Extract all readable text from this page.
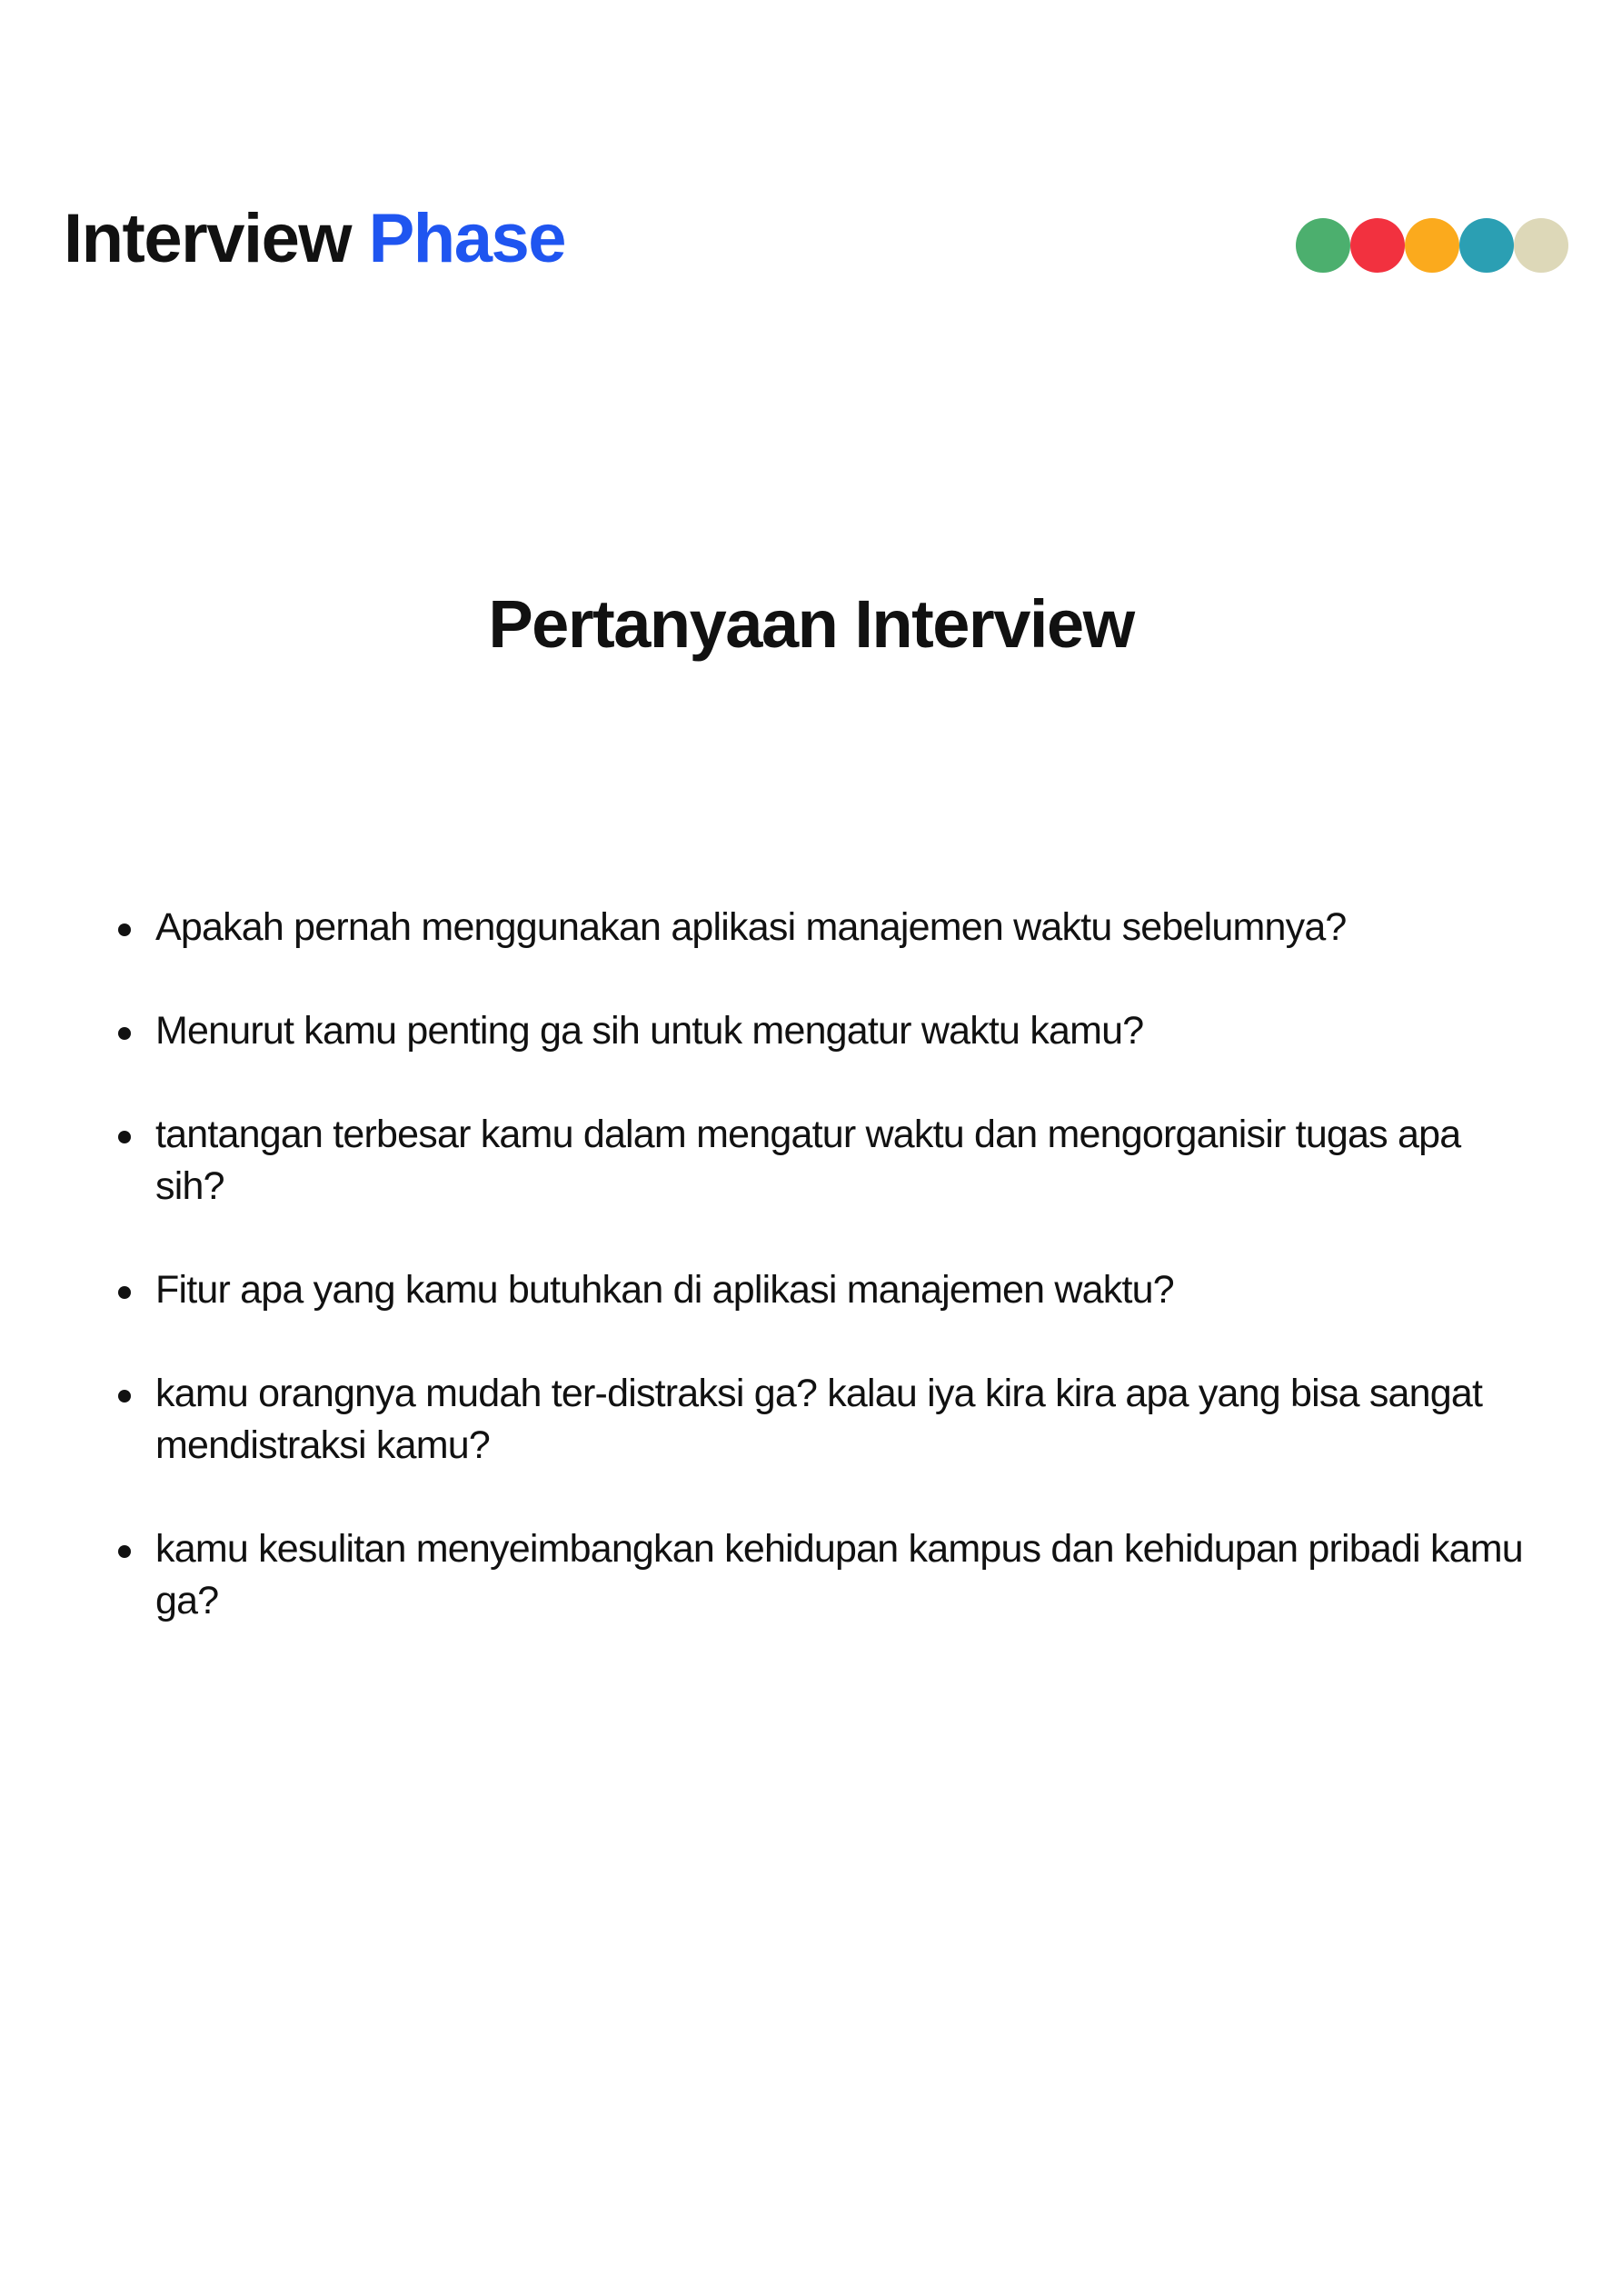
Interview Phase
Pertanyaan Interview
Apakah pernah menggunakan aplikasi manajemen waktu sebelumnya?
Menurut kamu penting ga sih untuk mengatur waktu kamu?
tantangan terbesar kamu dalam mengatur waktu dan mengorganisir tugas apa sih?
Fitur apa yang kamu butuhkan di aplikasi manajemen waktu?
kamu orangnya mudah ter-distraksi ga? kalau iya kira kira apa yang bisa sangat mendistraksi kamu?
kamu kesulitan menyeimbangkan kehidupan kampus dan kehidupan pribadi kamu ga?
